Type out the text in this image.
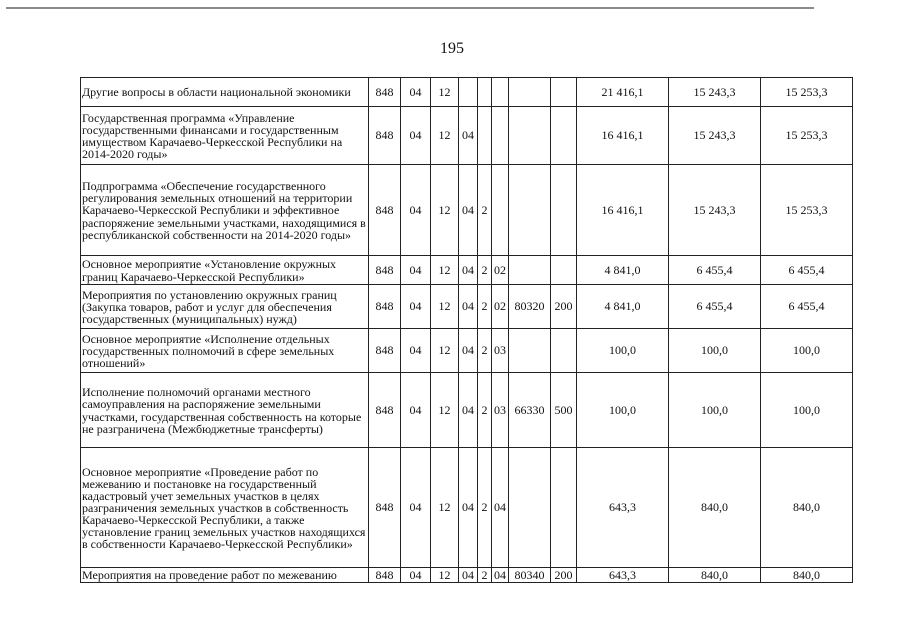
195
Другие вопросы в области национальной экономики	848	04	12						21 416,1	15 243,3	15 253,3
Государственная программа «Управление государственными финансами и государственным имуществом Карачаево-Черкесской Республики на 2014-2020 годы»	848	04	12	04					16 416,1	15 243,3	15 253,3
Подпрограмма «Обеспечение государственного регулирования земельных отношений на территории Карачаево-Черкесской Республики и эффективное распоряжение земельными участками, находящимися в республиканской собственности на 2014-2020 годы»	848	04	12	04	2				16 416,1	15 243,3	15 253,3
Основное мероприятие «Установление окружных границ Карачаево-Черкесской Республики»	848	04	12	04	2	02			4 841,0	6 455,4	6 455,4
Мероприятия по установлению окружных границ (Закупка товаров, работ и услуг для обеспечения государственных (муниципальных) нужд)	848	04	12	04	2	02	80320	200	4 841,0	6 455,4	6 455,4
Основное мероприятие «Исполнение отдельных государственных полномочий в сфере земельных отношений»	848	04	12	04	2	03			100,0	100,0	100,0
Исполнение полномочий органами местного самоуправления на распоряжение земельными участками, государственная собственность на которые не разграничена (Межбюджетные трансферты)	848	04	12	04	2	03	66330	500	100,0	100,0	100,0
Основное мероприятие «Проведение работ по межеванию и постановке на государственный кадастровый учет земельных участков в целях разграничения земельных участков в собственность Карачаево-Черкесской Республики, а также установление границ земельных участков находящихся в собственности Карачаево-Черкесской Республики»	848	04	12	04	2	04			643,3	840,0	840,0
Мероприятия на проведение работ по межеванию	848	04	12	04	2	04	80340	200	643,3	840,0	840,0
